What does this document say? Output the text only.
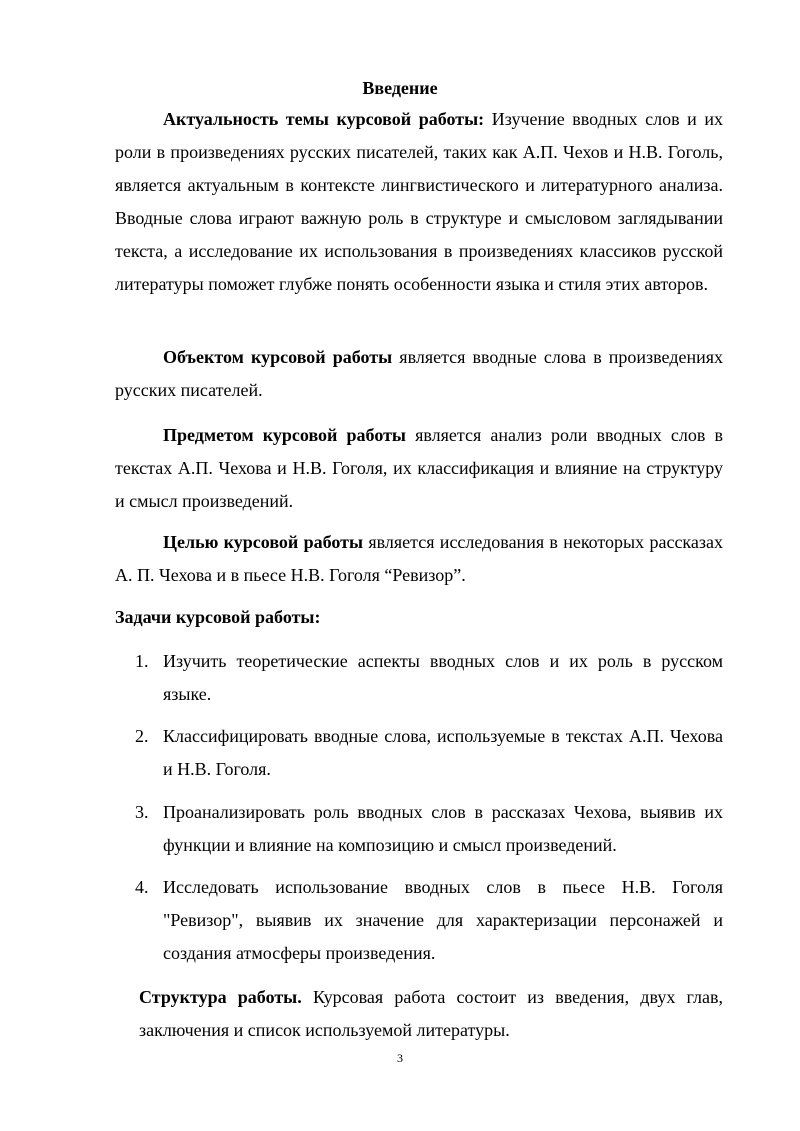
Введение

Актуальность темы курсовой работы: Изучение вводных слов и их роли в произведениях русских писателей, таких как А.П. Чехов и Н.В. Гоголь, является актуальным в контексте лингвистического и литературного анализа. Вводные слова играют важную роль в структуре и смысловом заглядывании текста, а исследование их использования в произведениях классиков русской литературы поможет глубже понять особенности языка и стиля этих авторов.

Объектом курсовой работы является вводные слова в произведениях русских писателей.

Предметом курсовой работы является анализ роли вводных слов в текстах А.П. Чехова и Н.В. Гоголя, их классификация и влияние на структуру и смысл произведений.

Целью курсовой работы является исследования в некоторых рассказах А. П. Чехова и в пьесе Н.В. Гоголя “Ревизор”.

Задачи курсовой работы:

1. Изучить теоретические аспекты вводных слов и их роль в русском языке.
2. Классифицировать вводные слова, используемые в текстах А.П. Чехова и Н.В. Гоголя.
3. Проанализировать роль вводных слов в рассказах Чехова, выявив их функции и влияние на композицию и смысл произведений.
4. Исследовать использование вводных слов в пьесе Н.В. Гоголя "Ревизор", выявив их значение для характеризации персонажей и создания атмосферы произведения.

Структура работы. Курсовая работа состоит из введения, двух глав, заключения и список используемой литературы.

3
